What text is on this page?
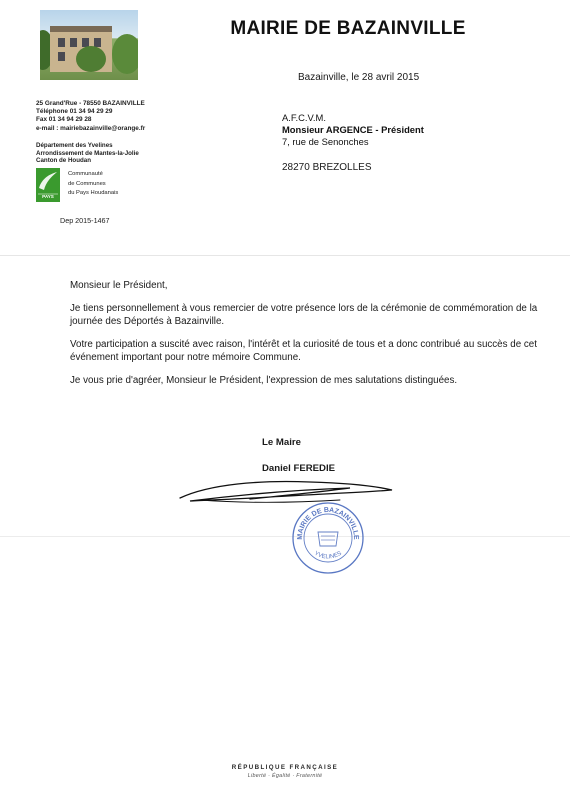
MAIRIE DE BAZAINVILLE
Bazainville, le 28 avril 2015
25 Grand'Rue - 78550 BAZAINVILLE
Téléphone 01 34 94 29 29
Fax 01 34 94 29 28
e-mail : mairiebazainville@orange.fr
Département des Yvelines
Arrondissement de Mantes-la-Jolie
Canton de Houdan
PAYS
Communauté
de Communes
du Pays Houdanais
Dep 2015-1467
A.F.C.V.M.
Monsieur ARGENCE - Président
7, rue de Senonches
28270 BREZOLLES

Monsieur le Président,

Je tiens personnellement à vous remercier de votre présence lors de la cérémonie de commémoration de la journée des Déportés à Bazainville.

Votre participation a suscité avec raison, l'intérêt et la curiosité de tous et a donc contribué au succès de cet événement important pour notre mémoire Commune.

Je vous prie d'agréer, Monsieur le Président, l'expression de mes salutations distinguées.

Le Maire
Daniel FEREDIE
MAIRIE DE BAZAINVILLE
YVELINES
RÉPUBLIQUE FRANÇAISE
Liberté · Égalité · Fraternité
